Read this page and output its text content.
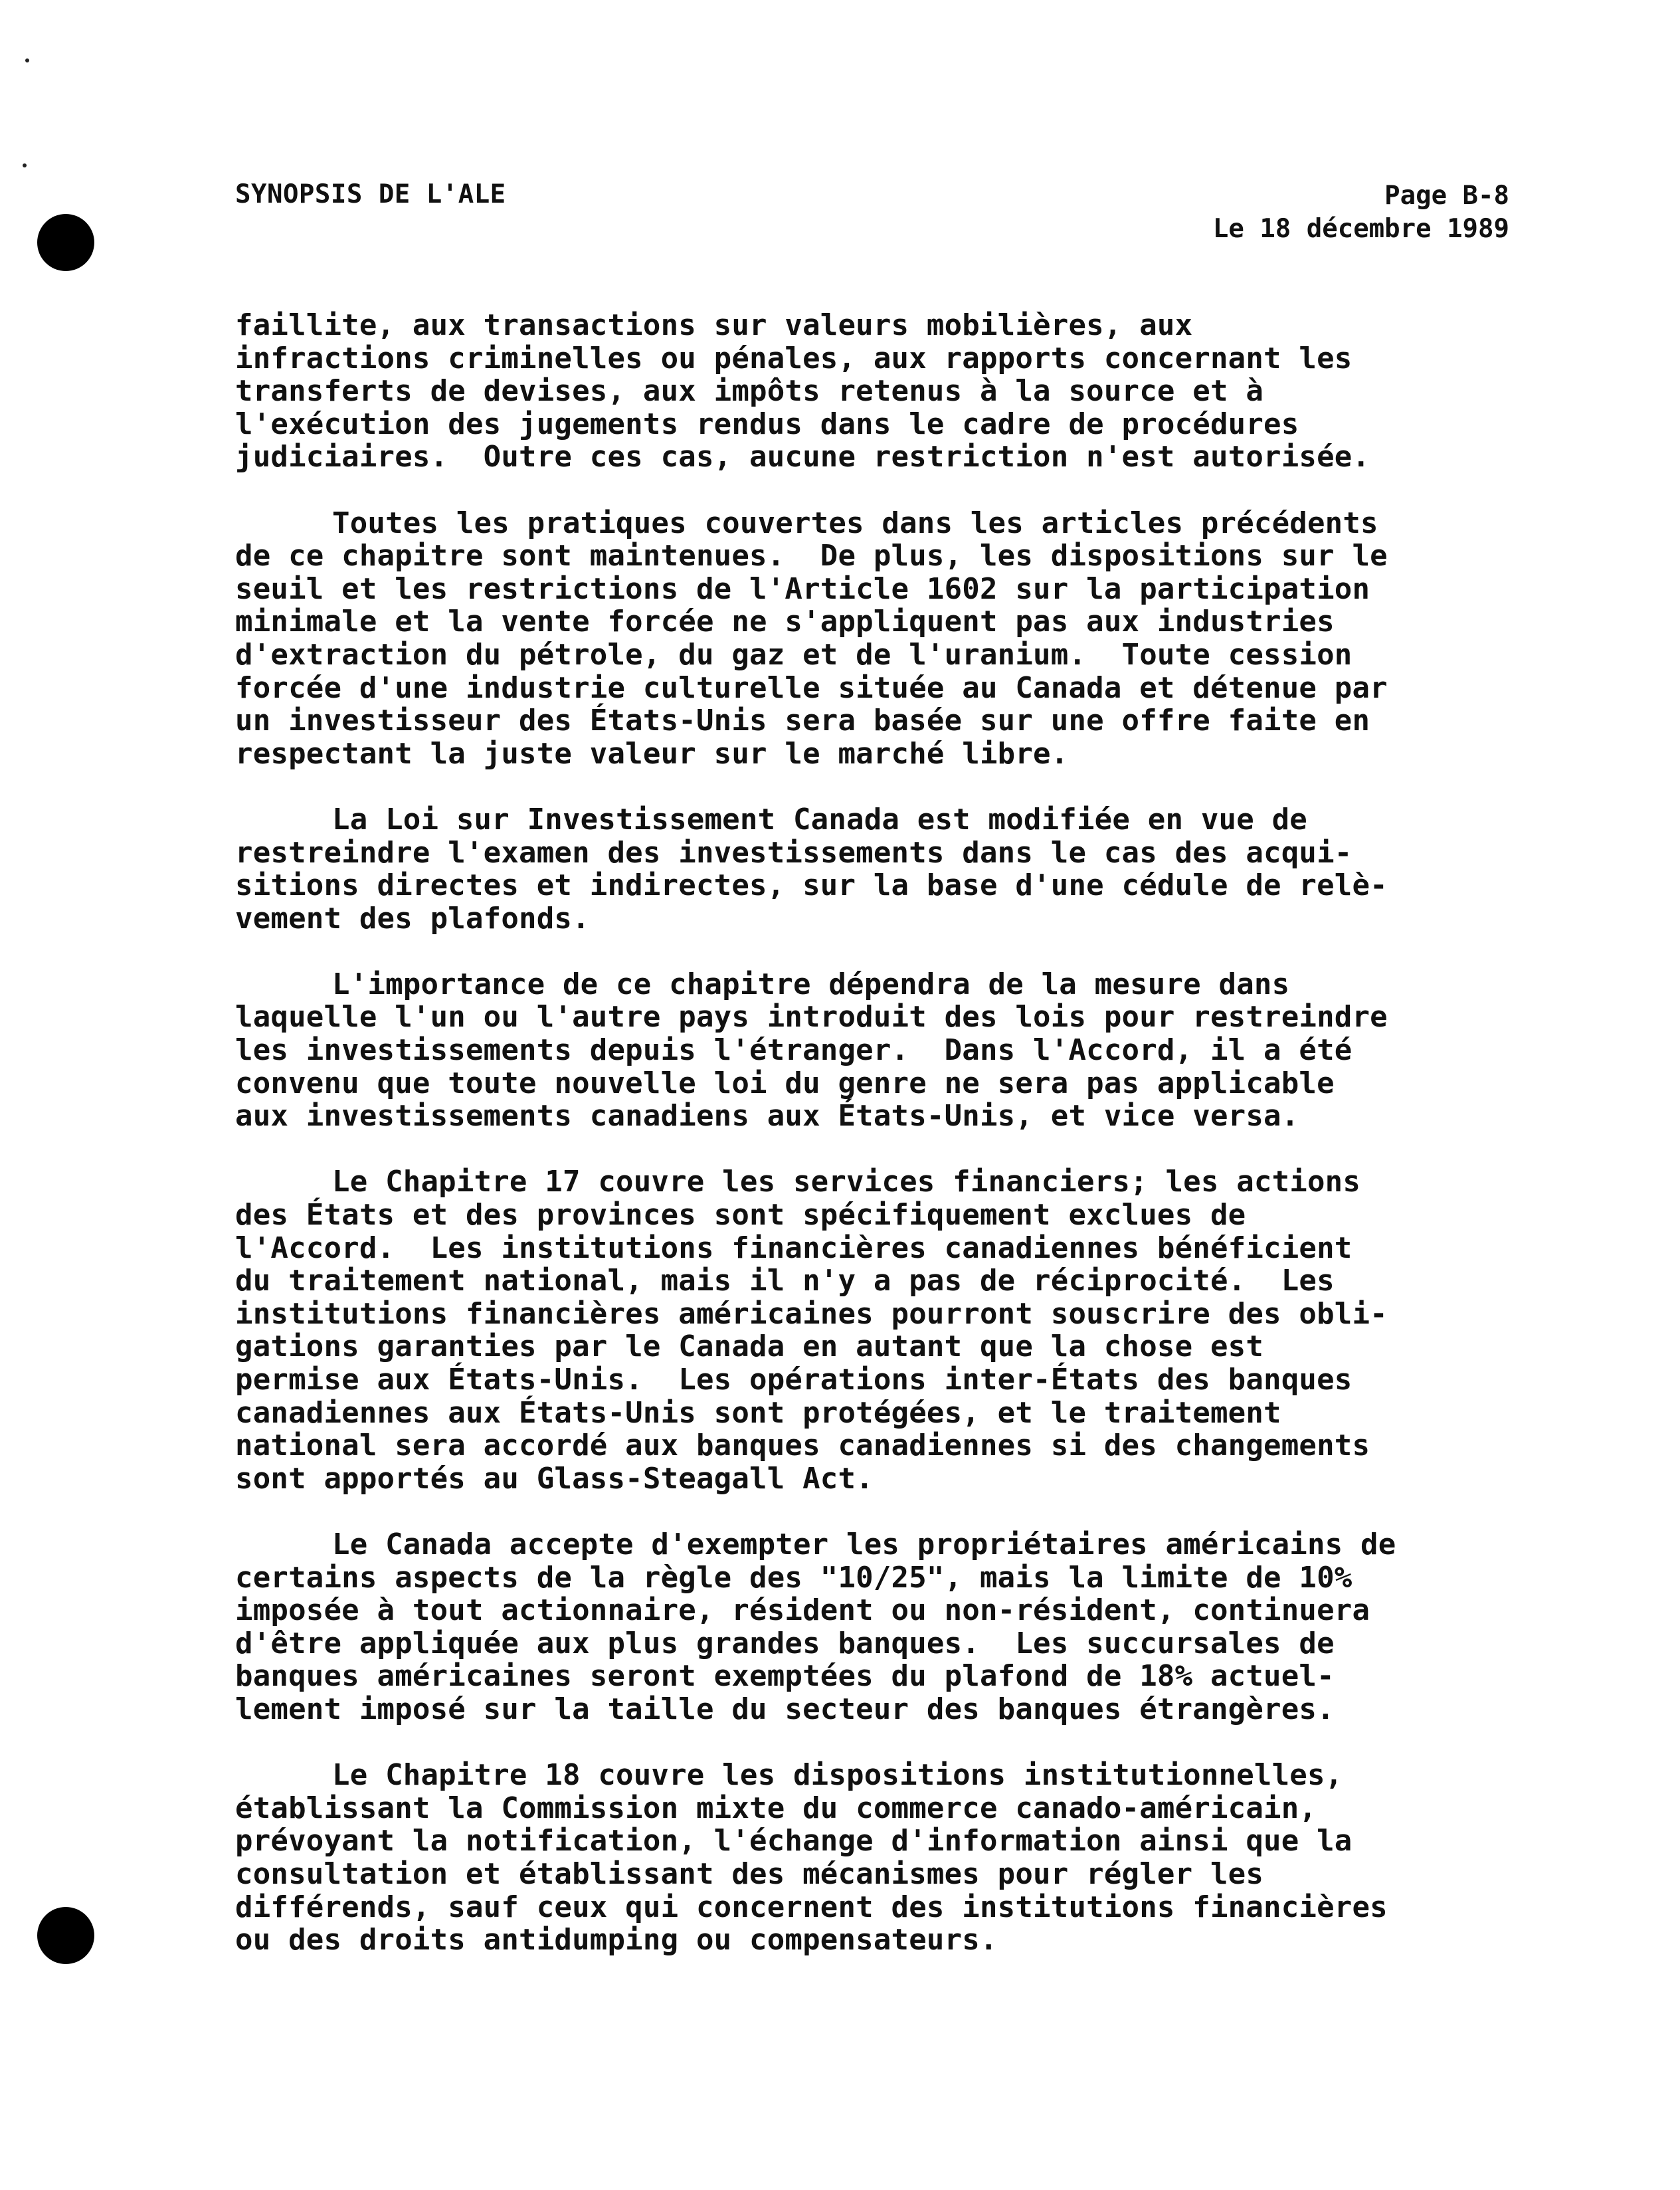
SYNOPSIS DE L'ALE	Page B-8
Le 18 décembre 1989
faillite, aux transactions sur valeurs mobilières, aux
infractions criminelles ou pénales, aux rapports concernant les
transferts de devises, aux impôts retenus à la source et à
l'exécution des jugements rendus dans le cadre de procédures
judiciaires.  Outre ces cas, aucune restriction n'est autorisée.
Toutes les pratiques couvertes dans les articles précédents
de ce chapitre sont maintenues.  De plus, les dispositions sur le
seuil et les restrictions de l'Article 1602 sur la participation
minimale et la vente forcée ne s'appliquent pas aux industries
d'extraction du pétrole, du gaz et de l'uranium.  Toute cession
forcée d'une industrie culturelle située au Canada et détenue par
un investisseur des États-Unis sera basée sur une offre faite en
respectant la juste valeur sur le marché libre.
La Loi sur Investissement Canada est modifiée en vue de
restreindre l'examen des investissements dans le cas des acqui-
sitions directes et indirectes, sur la base d'une cédule de relè-
vement des plafonds.
L'importance de ce chapitre dépendra de la mesure dans
laquelle l'un ou l'autre pays introduit des lois pour restreindre
les investissements depuis l'étranger.  Dans l'Accord, il a été
convenu que toute nouvelle loi du genre ne sera pas applicable
aux investissements canadiens aux États-Unis, et vice versa.
Le Chapitre 17 couvre les services financiers; les actions
des États et des provinces sont spécifiquement exclues de
l'Accord.  Les institutions financières canadiennes bénéficient
du traitement national, mais il n'y a pas de réciprocité.  Les
institutions financières américaines pourront souscrire des obli-
gations garanties par le Canada en autant que la chose est
permise aux États-Unis.  Les opérations inter-États des banques
canadiennes aux États-Unis sont protégées, et le traitement
national sera accordé aux banques canadiennes si des changements
sont apportés au Glass-Steagall Act.
Le Canada accepte d'exempter les propriétaires américains de
certains aspects de la règle des "10/25", mais la limite de 10%
imposée à tout actionnaire, résident ou non-résident, continuera
d'être appliquée aux plus grandes banques.  Les succursales de
banques américaines seront exemptées du plafond de 18% actuel-
lement imposé sur la taille du secteur des banques étrangères.
Le Chapitre 18 couvre les dispositions institutionnelles,
établissant la Commission mixte du commerce canado-américain,
prévoyant la notification, l'échange d'information ainsi que la
consultation et établissant des mécanismes pour régler les
différends, sauf ceux qui concernent des institutions financières
ou des droits antidumping ou compensateurs.
